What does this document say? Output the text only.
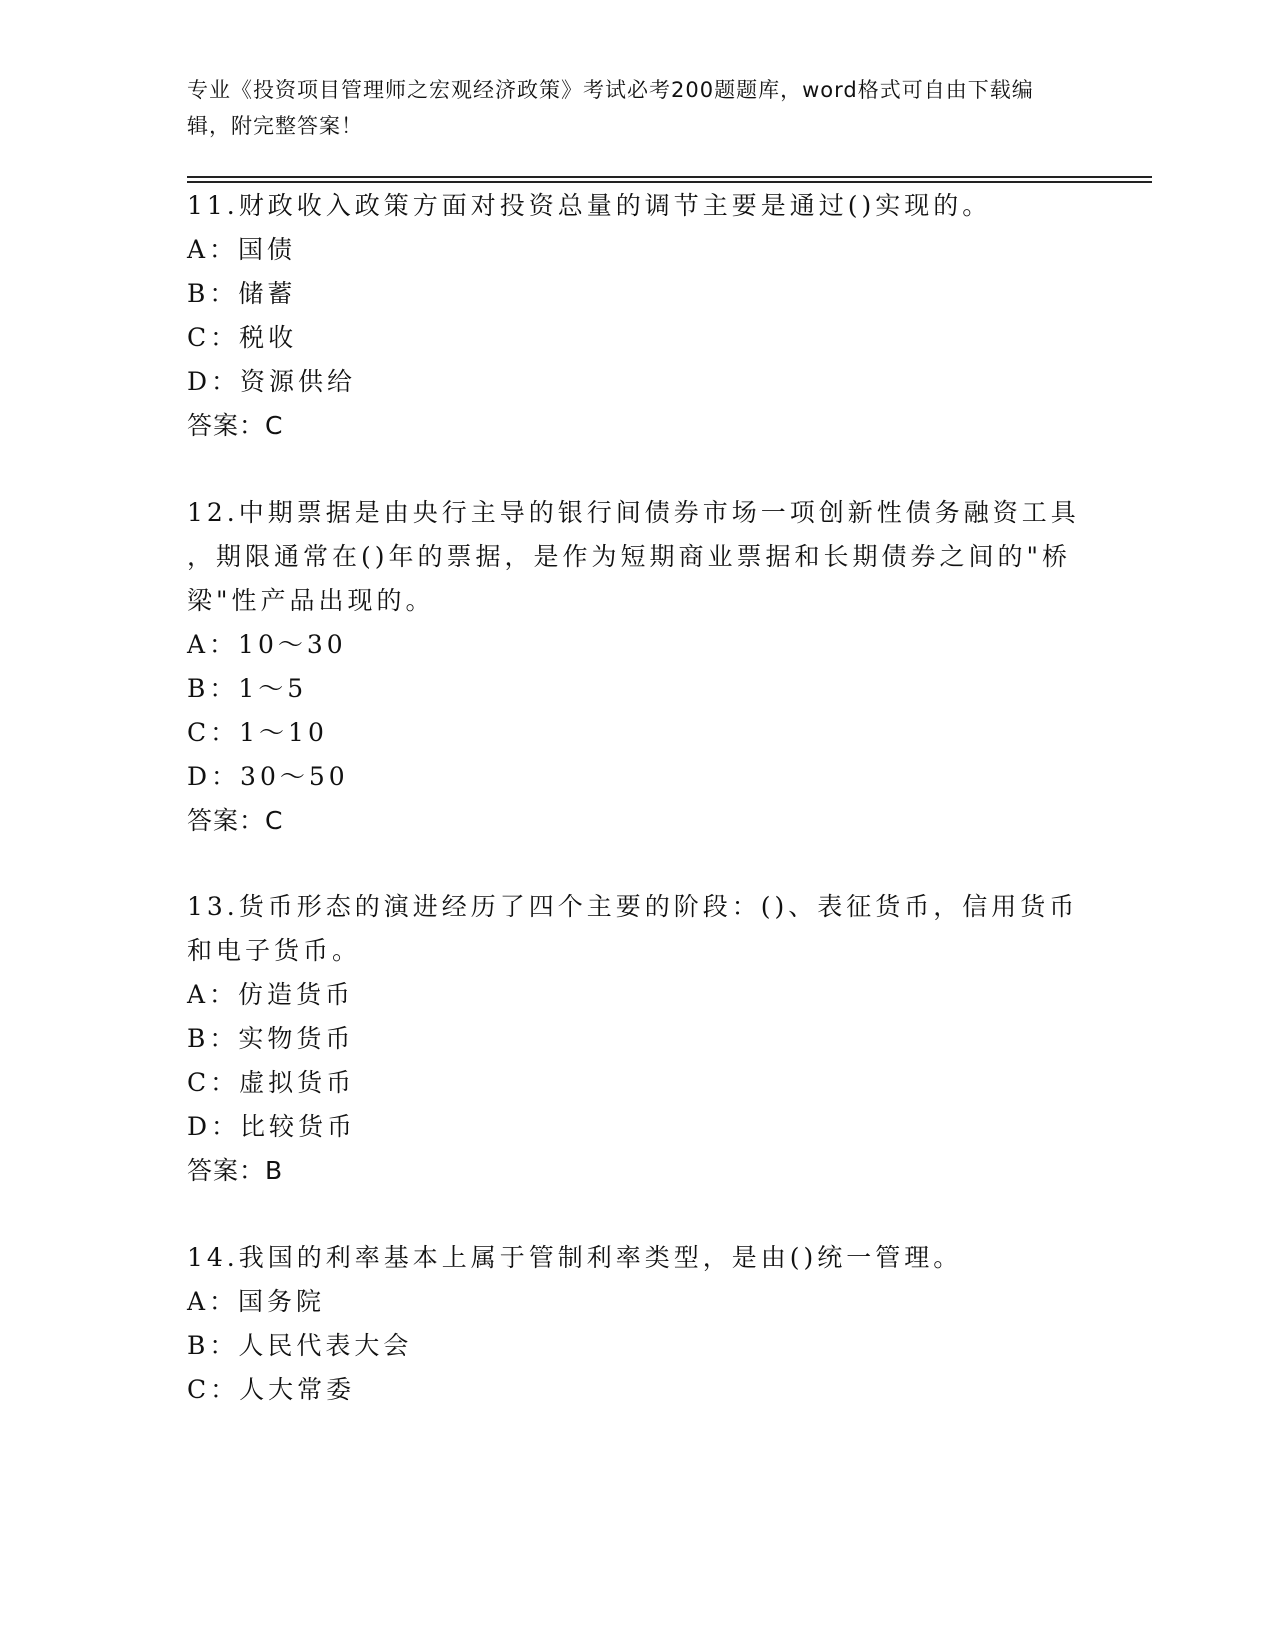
专业《投资项目管理师之宏观经济政策》考试必考200题题库，word格式可自由下载编辑，附完整答案！
11.财政收入政策方面对投资总量的调节主要是通过()实现的。
A：国债
B：储蓄
C：税收
D：资源供给
答案：C
12.中期票据是由央行主导的银行间债券市场一项创新性债务融资工具
，期限通常在()年的票据，是作为短期商业票据和长期债券之间的"桥
梁"性产品出现的。
A：10～30
B：1～5
C：1～10
D：30～50
答案：C
13.货币形态的演进经历了四个主要的阶段：()、表征货币，信用货币
和电子货币。
A：仿造货币
B：实物货币
C：虚拟货币
D：比较货币
答案：B
14.我国的利率基本上属于管制利率类型，是由()统一管理。
A：国务院
B：人民代表大会
C：人大常委
